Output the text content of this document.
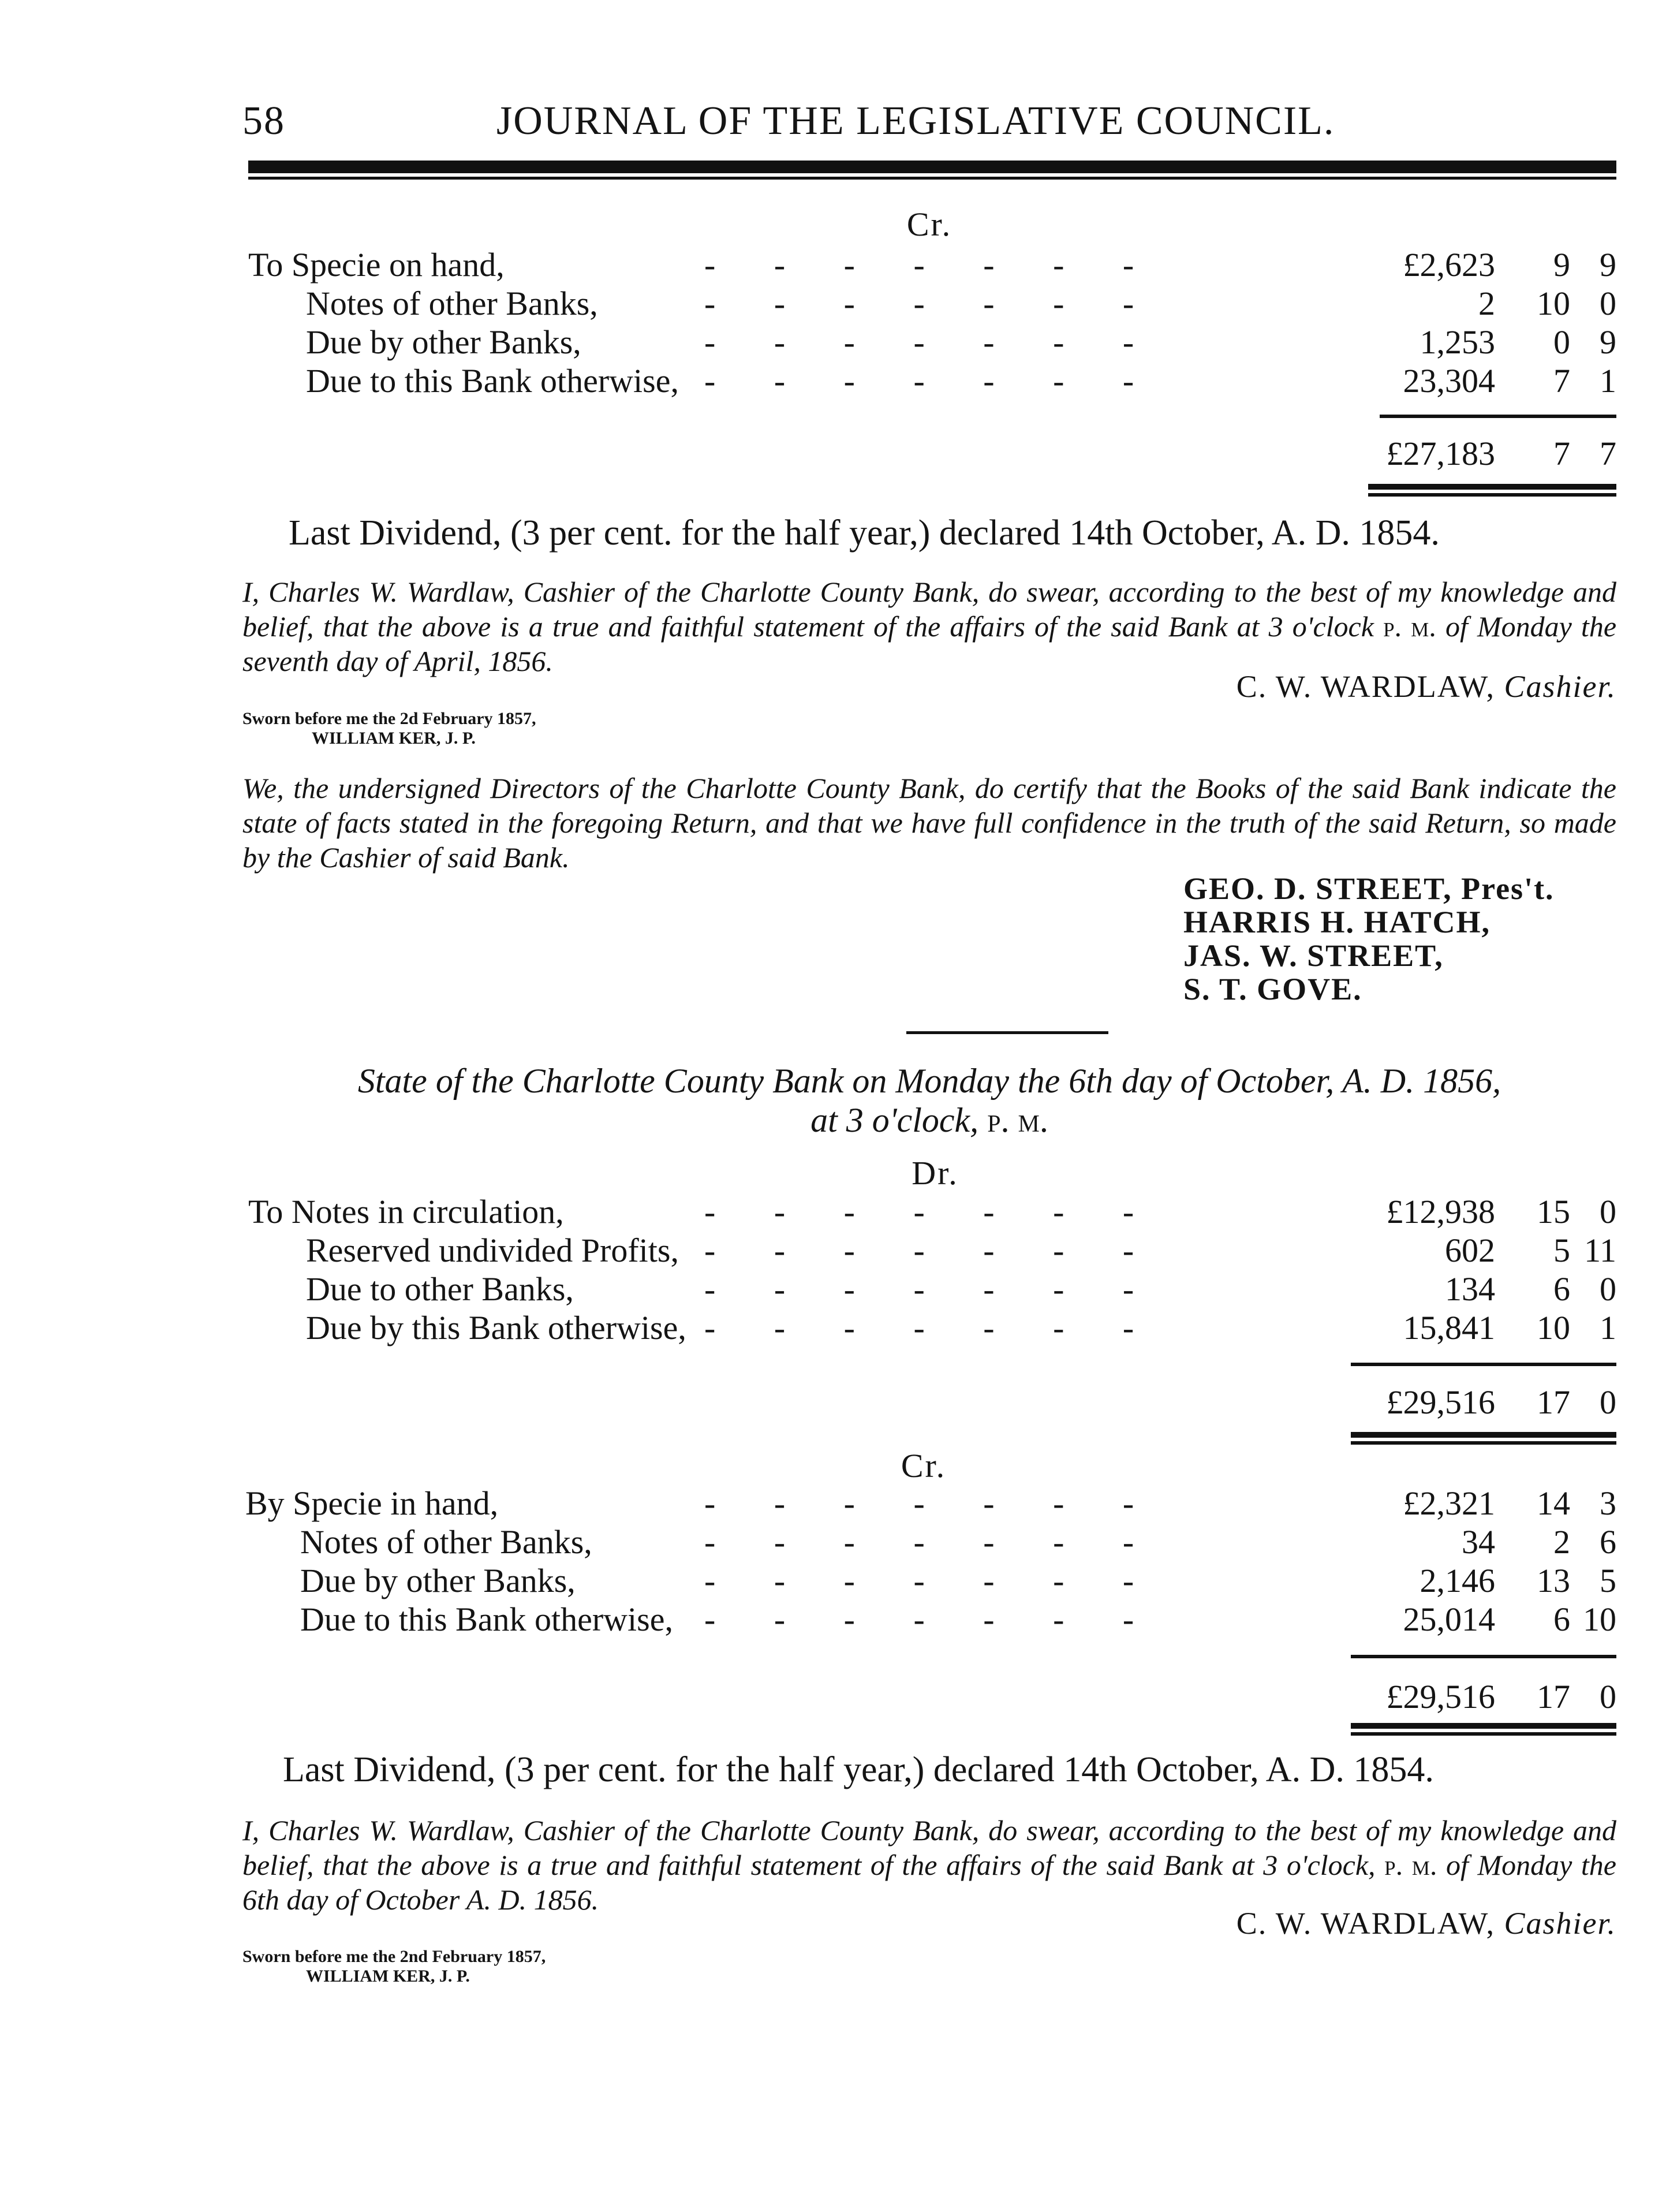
58	JOURNAL OF THE LEGISLATIVE COUNCIL.
Cr.
To Specie on hand,	-       -       -       -       -       -       -	£2,623	9 9
Notes of other Banks,	-       -       -       -       -       -       -	2	10 0
Due by other Banks,	-       -       -       -       -       -       -	1,253	0 9
Due to this Bank otherwise, -       -       -       -       -       -       -	23,304	7 1
£27,183	7 7
Last Dividend, (3 per cent. for the half year,) declared 14th October, A. D. 1854.
I, Charles W. Wardlaw, Cashier of the Charlotte County Bank, do swear, according to the best of my knowledge and belief, that the above is a true and faithful statement of the affairs of the said Bank at 3 o'clock p. m. of Monday the seventh day of April, 1856.
C. W. WARDLAW, Cashier.
Sworn before me the 2d February 1857,
WILLIAM KER, J. P.
We, the undersigned Directors of the Charlotte County Bank, do certify that the Books of the said Bank indicate the state of facts stated in the foregoing Return, and that we have full confidence in the truth of the said Return, so made by the Cashier of said Bank.
GEO. D. STREET, Pres't.
HARRIS H. HATCH,
JAS. W. STREET,
S. T. GOVE.
State of the Charlotte County Bank on Monday the 6th day of October, A. D. 1856,
at 3 o'clock, p. m.
Dr.
To Notes in circulation,	-       -       -       -       -       -       -	£12,938	15 0
Reserved undivided Profits, -       -       -       -       -       -       -	602	5 11
Due to other Banks,	-       -       -       -       -       -       -	134	6 0
Due by this Bank otherwise, -       -       -       -       -       -       -	15,841	10 1
£29,516	17 0
Cr.
By Specie in hand,	-       -       -       -       -       -       -	£2,321	14 3
Notes of other Banks,	-       -       -       -       -       -       -	34	2 6
Due by other Banks,	-       -       -       -       -       -       -	2,146	13 5
Due to this Bank otherwise, -       -       -       -       -       -       -	25,014	6 10
£29,516	17 0
Last Dividend, (3 per cent. for the half year,) declared 14th October, A. D. 1854.
I, Charles W. Wardlaw, Cashier of the Charlotte County Bank, do swear, according to the best of my knowledge and belief, that the above is a true and faithful statement of the affairs of the said Bank at 3 o'clock, p. m. of Monday the 6th day of October A. D. 1856.
C. W. WARDLAW, Cashier.
Sworn before me the 2nd February 1857,
WILLIAM KER, J. P.
